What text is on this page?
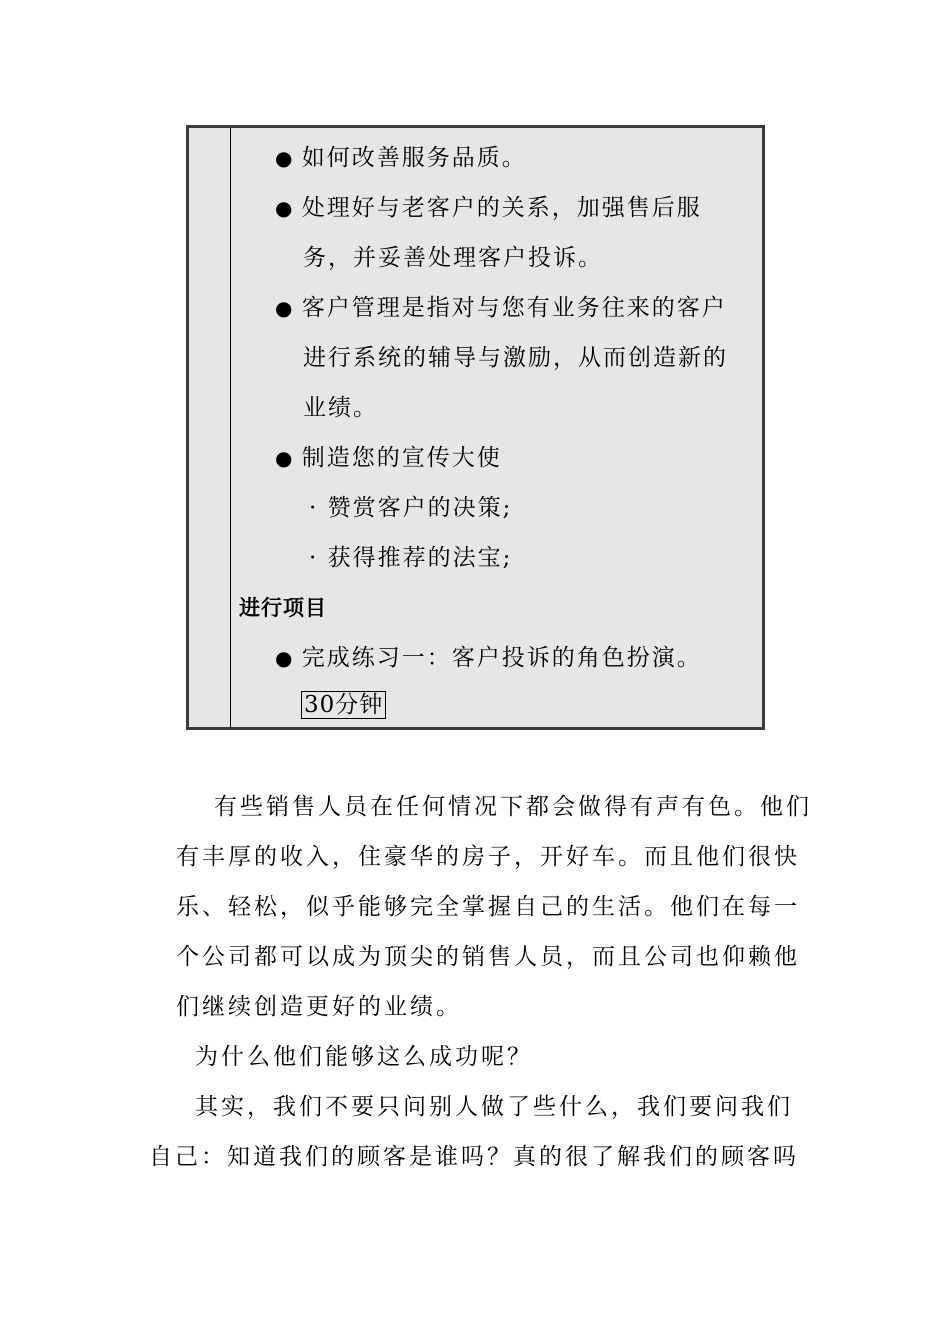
● 如何改善服务品质。
● 处理好与老客户的关系，加强售后服
务，并妥善处理客户投诉。
● 客户管理是指对与您有业务往来的客户
进行系统的辅导与激励，从而创造新的
业绩。
● 制造您的宣传大使
· 赞赏客户的决策;
· 获得推荐的法宝;
进行项目
● 完成练习一：客户投诉的角色扮演。
30分钟
有些销售人员在任何情况下都会做得有声有色。他们
有丰厚的收入，住豪华的房子，开好车。而且他们很快
乐、轻松，似乎能够完全掌握自己的生活。他们在每一
个公司都可以成为顶尖的销售人员，而且公司也仰赖他
们继续创造更好的业绩。
为什么他们能够这么成功呢？
其实，我们不要只问别人做了些什么，我们要问我们
自己：知道我们的顾客是谁吗？真的很了解我们的顾客吗
